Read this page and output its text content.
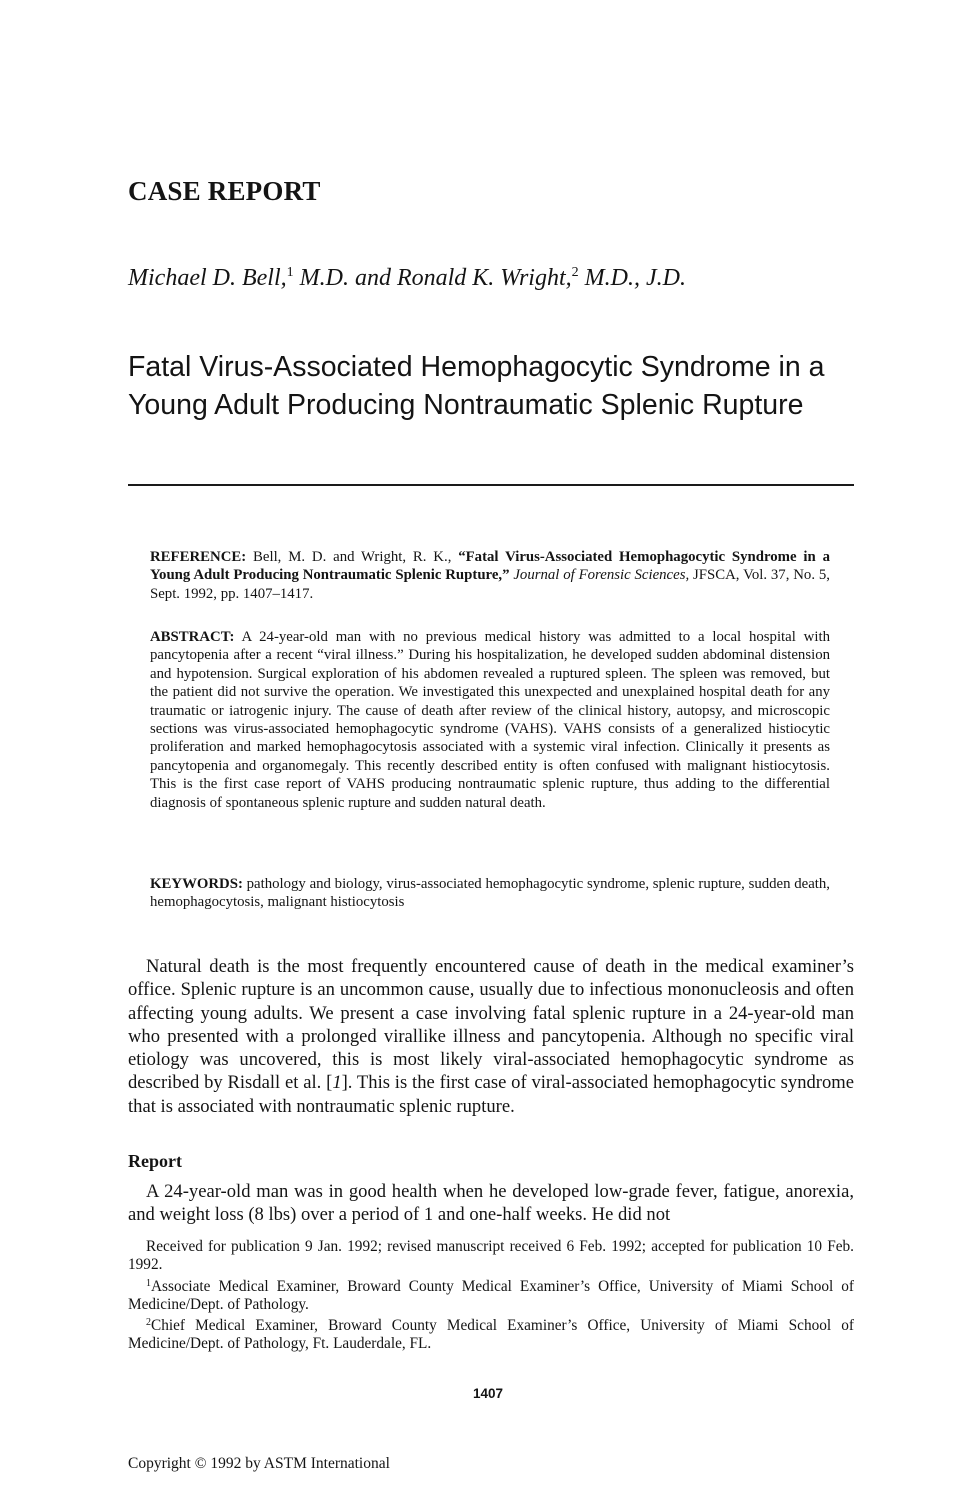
CASE REPORT
Michael D. Bell,$^1$ M.D. and Ronald K. Wright,$^2$ M.D., J.D.
Fatal Virus-Associated Hemophagocytic Syndrome in a
Young Adult Producing Nontraumatic Splenic Rupture
REFERENCE: Bell, M. D. and Wright, R. K., “Fatal Virus-Associated Hemophagocytic Syndrome in a Young Adult Producing Nontraumatic Splenic Rupture,” Journal of Forensic Sciences, JFSCA, Vol. 37, No. 5, Sept. 1992, pp. 1407–1417.
ABSTRACT: A 24-year-old man with no previous medical history was admitted to a local hospital with pancytopenia after a recent “viral illness.” During his hospitalization, he developed sudden abdominal distension and hypotension. Surgical exploration of his abdomen revealed a ruptured spleen. The spleen was removed, but the patient did not survive the operation. We investigated this unexpected and unexplained hospital death for any traumatic or iatrogenic injury. The cause of death after review of the clinical history, autopsy, and microscopic sections was virus-associated hemophagocytic syndrome (VAHS). VAHS consists of a generalized histiocytic proliferation and marked hemophagocytosis associated with a systemic viral infection. Clinically it presents as pancytopenia and organomegaly. This recently described entity is often confused with malignant histiocytosis. This is the first case report of VAHS producing nontraumatic splenic rupture, thus adding to the differential diagnosis of spontaneous splenic rupture and sudden natural death.
KEYWORDS: pathology and biology, virus-associated hemophagocytic syndrome, splenic rupture, sudden death, hemophagocytosis, malignant histiocytosis

Natural death is the most frequently encountered cause of death in the medical examiner’s office. Splenic rupture is an uncommon cause, usually due to infectious mononucleosis and often affecting young adults. We present a case involving fatal splenic rupture in a 24-year-old man who presented with a prolonged virallike illness and pancytopenia. Although no specific viral etiology was uncovered, this is most likely viral-associated hemophagocytic syndrome as described by Risdall et al. [1]. This is the first case of viral-associated hemophagocytic syndrome that is associated with nontraumatic splenic rupture.

Report

A 24-year-old man was in good health when he developed low-grade fever, fatigue, anorexia, and weight loss (8 lbs) over a period of 1 and one-half weeks. He did not

Received for publication 9 Jan. 1992; revised manuscript received 6 Feb. 1992; accepted for publication 10 Feb. 1992.

$^1$Associate Medical Examiner, Broward County Medical Examiner’s Office, University of Miami School of Medicine/Dept. of Pathology.

$^2$Chief Medical Examiner, Broward County Medical Examiner’s Office, University of Miami School of Medicine/Dept. of Pathology, Ft. Lauderdale, FL.

1407
Copyright © 1992 by ASTM International
